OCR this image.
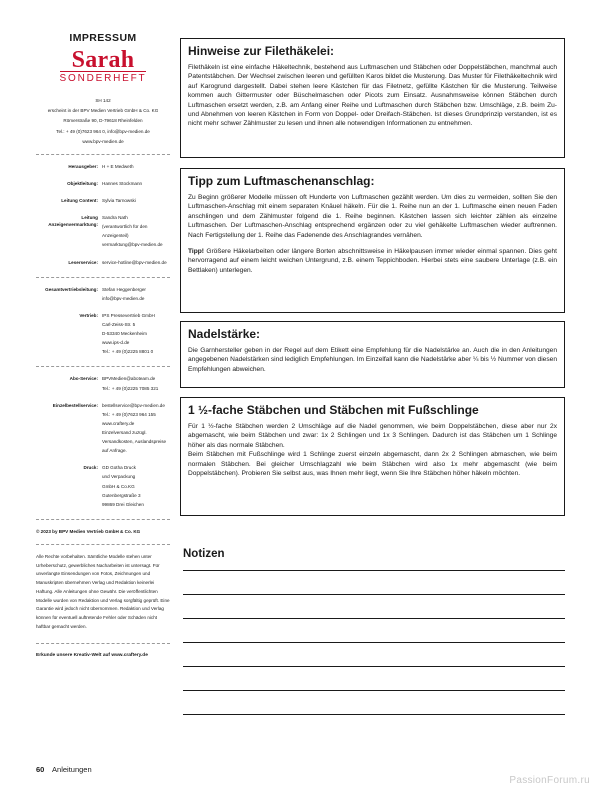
IMPRESSUM
Sarah
SONDERHEFT
SH 142
erscheint in der BPV Medien Vertrieb GmbH & Co. KG
Römerstraße 90, D-79618 Rheinfelden
Tel.: + 49 (0)7623 964 0, info@bpv-medien.de
www.bpv-medien.de
Herausgeber: H + E Medweth
Objektleitung: Hannes Stockmann
Leitung Content: Sylvia Tarnowski
Leitung Anzeigenvermarktung:
Sandra Nath
(verantwortlich für den
Anzeigenteil)
vermarktung@bpv-medien.de
Leserservice: service-hotline@bpv-medien.de
Gesamtvertriebsleitung: Stefan Heggenberger
info@bpv-medien.de
Vertrieb: IPS Pressevertrieb GmbH
Carl-Zeiss-Str. 5
D-53340 Meckenheim
www.ips-d.de
Tel.: + 49 (0)2225 8801 0
Abo-Service: BPVMedien@aboteam.de
Tel.: + 49 (0)2225 7085 321
Einzelbestellservice: bestellservice@bpv-medien.de
Tel.: + 49 (0)7623 964 155
www.craftery.de
Einzelversand zuzügl.
Versandkosten, Auslandspreise
auf Anfrage.
Druck: GD Gotha Druck
und Verpackung
GmbH & Co.KG
Gutenbergstraße 3
99869 Drei Gleichen
© 2023 by BPV Medien Vertrieb GmbH & Co. KG
Alle Rechte vorbehalten. Sämtliche Modelle stehen unter Urheberschutz, gewerbliches Nacharbeiten ist untersagt. Für unverlangte Einsendungen von Fotos, Zeichnungen und Manuskripten übernehmen Verlag und Redaktion keinerlei Haftung. Alle Anleitungen ohne Gewähr. Die veröffentlichten Modelle wurden von Redaktion und Verlag sorgfältig geprüft. Eine Garantie wird jedoch nicht übernommen. Redaktion und Verlag können für eventuell auftretende Fehler oder Schäden nicht haftbar gemacht werden.
Erkunde unsere Kreativ-Welt auf www.craftery.de
Hinweise zur Filethäkelei:

Filethäkeln ist eine einfache Häkeltechnik, bestehend aus Luftmaschen und Stäbchen oder Doppelstäbchen, manchmal auch Patentstäbchen. Der Wechsel zwischen leeren und gefüllten Karos bildet die Musterung. Das Muster für Filethäkeltechnik wird auf Karogrund dargestellt. Dabei stehen leere Kästchen für das Filetnetz, gefüllte Kästchen für die Musterung. Teilweise kommen auch Gittermuster oder Büschelmaschen oder Picots zum Einsatz. Ausnahmsweise können Stäbchen durch Luftmaschen ersetzt werden, z.B. am Anfang einer Reihe und Luftmaschen durch Stäbchen bzw. Umschläge, z.B. beim Zu- und Abnehmen von leeren Kästchen in Form von Doppel- oder Dreifach-Stäbchen. Ist dieses Grundprinzip verstanden, ist es nicht mehr schwer Zählmuster zu lesen und ihnen alle notwendigen Informationen zu entnehmen.

Tipp zum Luftmaschenanschlag:

Zu Beginn größerer Modelle müssen oft Hunderte von Luftmaschen gezählt werden. Um dies zu vermeiden, sollten Sie den Luftmaschen-Anschlag mit einem separaten Knäuel häkeln. Für die 1. Reihe nun an der 1. Luftmasche einen neuen Faden anschlingen und dem Zählmuster folgend die 1. Reihe beginnen. Kästchen lassen sich leichter zählen als einzelne Luftmaschen. Der Luftmaschen-Anschlag entsprechend ergänzen oder zu viel gehäkelte Luftmaschen wieder auftrennen. Nach Fertigstellung der 1. Reihe das Fadenende des Anschlagrandes vernähen.

Tipp! Größere Häkelarbeiten oder längere Borten abschnittsweise in Häkelpausen immer wieder einmal spannen. Dies geht hervorragend auf einem leicht weichen Untergrund, z.B. einem Teppichboden. Hierbei stets eine saubere Unterlage (z.B. ein Bettlaken) unterlegen.

Nadelstärke:

Die Garnhersteller geben in der Regel auf dem Etikett eine Empfehlung für die Nadelstärke an. Auch die in den Anleitungen angegebenen Nadelstärken sind lediglich Empfehlungen. Im Einzelfall kann die Nadelstärke aber ¼ bis ½ Nummer von diesen Empfehlungen abweichen.

1 ½-fache Stäbchen und Stäbchen mit Fußschlinge

Für 1 ½-fache Stäbchen werden 2 Umschläge auf die Nadel genommen, wie beim Doppelstäbchen, diese aber nur 2x abgemascht, wie beim Stäbchen und zwar: 1x 2 Schlingen und 1x 3 Schlingen. Dadurch ist das Stäbchen um 1 Schlinge höher als das normale Stäbchen.

Beim Stäbchen mit Fußschlinge wird 1 Schlinge zuerst einzeln abgemascht, dann 2x 2 Schlingen abmaschen, wie beim normalen Stäbchen. Bei gleicher Umschlagzahl wie beim Stäbchen wird also 1x mehr abgemascht (wie beim Doppelstäbchen). Probieren Sie selbst aus, was Ihnen mehr liegt, wenn Sie Ihre Stäbchen höher häkeln möchten.

Notizen
60 Anleitungen
PassionForum.ru
